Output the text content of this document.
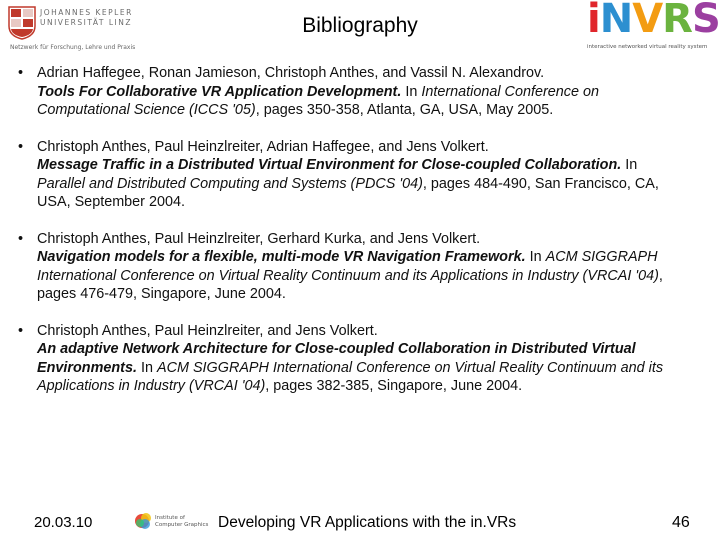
JOHANNES KEPLER
UNIVERSITÄT LINZ
Netzwerk für Forschung, Lehre und Praxis
Bibliography	iNVRS
interactive networked virtual reality system
• Adrian Haffegee, Ronan Jamieson, Christoph Anthes, and Vassil N. Alexandrov.
Tools For Collaborative VR Application Development. In International Conference on Computational Science (ICCS '05), pages 350-358, Atlanta, GA, USA, May 2005.
• Christoph Anthes, Paul Heinzlreiter, Adrian Haffegee, and Jens Volkert.
Message Traffic in a Distributed Virtual Environment for Close-coupled Collaboration. In Parallel and Distributed Computing and Systems (PDCS '04), pages 484-490, San Francisco, CA, USA, September 2004.
• Christoph Anthes, Paul Heinzlreiter, Gerhard Kurka, and Jens Volkert.
Navigation models for a flexible, multi-mode VR Navigation Framework. In ACM SIGGRAPH International Conference on Virtual Reality Continuum and its Applications in Industry (VRCAI '04), pages 476-479, Singapore, June 2004.
• Christoph Anthes, Paul Heinzlreiter, and Jens Volkert.
An adaptive Network Architecture for Close-coupled Collaboration in Distributed Virtual Environments. In ACM SIGGRAPH International Conference on Virtual Reality Continuum and its Applications in Industry (VRCAI '04), pages 382-385, Singapore, June 2004.
20.03.10	Institute of
Computer Graphics Developing VR Applications with the in.VRs	46
